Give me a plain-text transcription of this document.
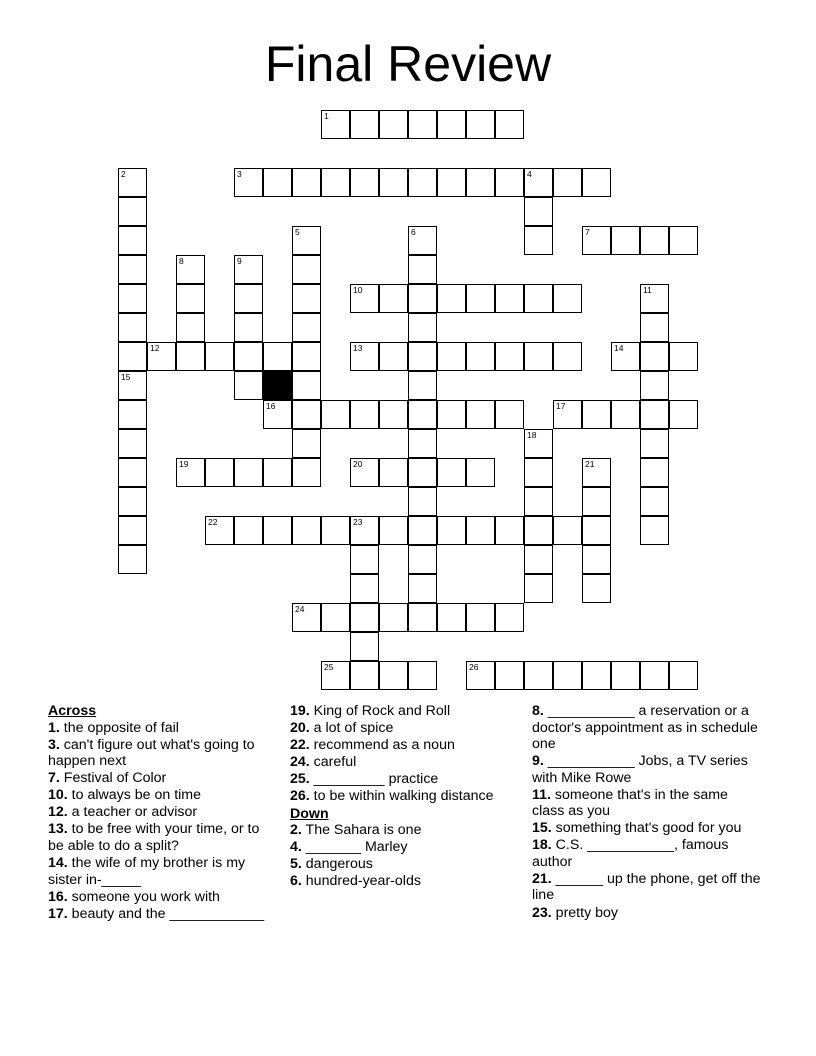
Final Review
1
2	3	4
5	6	7
8	9
10	11
12	13	14
15
16	17
18
19	20	21
22	23
24
25	26
Across
1. the opposite of fail
3. can't figure out what's going to happen next
7. Festival of Color
10. to always be on time
12. a teacher or advisor
13. to be free with your time, or to be able to do a split?
14. the wife of my brother is my sister in-_____
16. someone you work with
17. beauty and the ____________
19. King of Rock and Roll
20. a lot of spice
22. recommend as a noun
24. careful
25. _________ practice
26. to be within walking distance
Down
2. The Sahara is one
4. _______ Marley
5. dangerous
6. hundred-year-olds
8. ___________ a reservation or a doctor's appointment as in schedule one
9. ___________ Jobs, a TV series with Mike Rowe
11. someone that's in the same class as you
15. something that's good for you
18. C.S. ___________, famous author
21. ______ up the phone, get off the line
23. pretty boy
